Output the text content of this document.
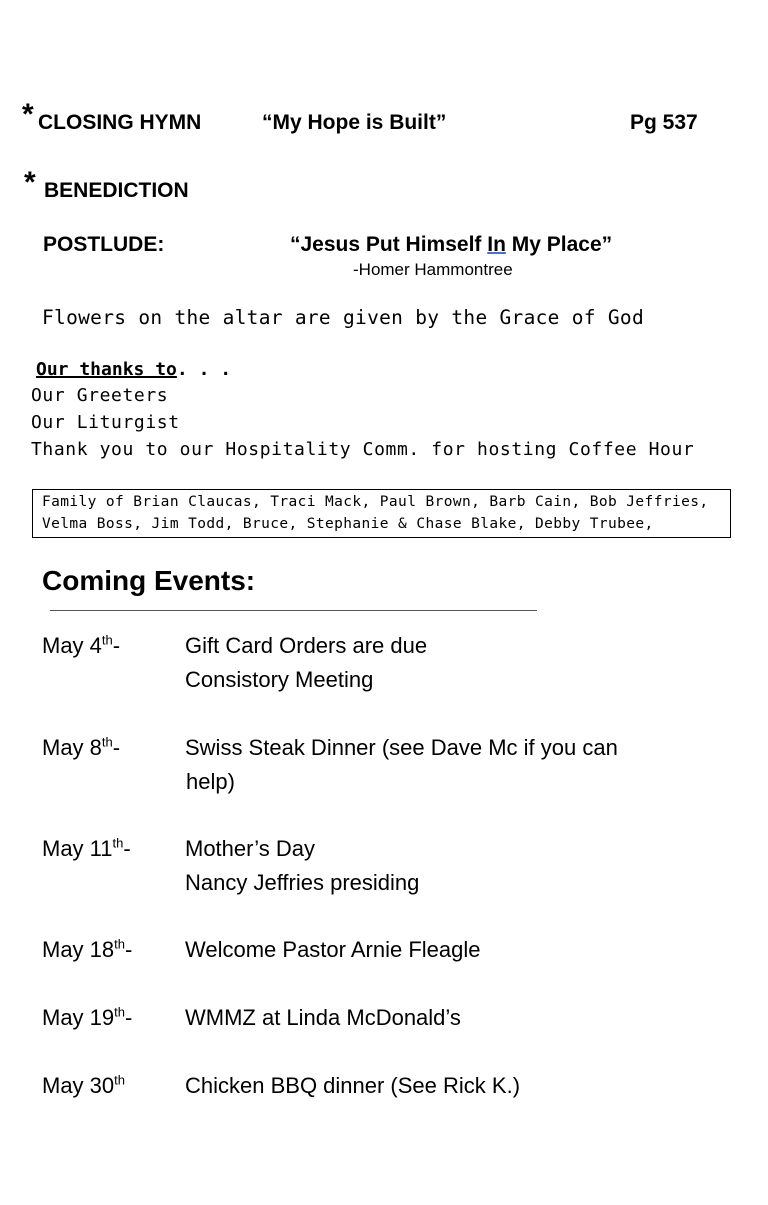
* CLOSING HYMN	“My Hope is Built”	Pg 537
* BENEDICTION
POSTLUDE:	“Jesus Put Himself In My Place”
-Homer Hammontree
Flowers on the altar are given by the Grace of God
Our thanks to. . .
Our Greeters
Our Liturgist
Thank you to our Hospitality Comm. for hosting Coffee Hour
Family of Brian Claucas, Traci Mack, Paul Brown, Barb Cain, Bob Jeffries,
Velma Boss, Jim Todd, Bruce, Stephanie & Chase Blake, Debby Trubee,
Coming Events:
May 4th-	Gift Card Orders are due
Consistory Meeting
May 8th-	Swiss Steak Dinner (see Dave Mc if you can
help)
May 11th- Mother’s Day
Nancy Jeffries presiding
May 18th- Welcome Pastor Arnie Fleagle
May 19th- WMMZ at Linda McDonald’s
May 30th	Chicken BBQ dinner (See Rick K.)
